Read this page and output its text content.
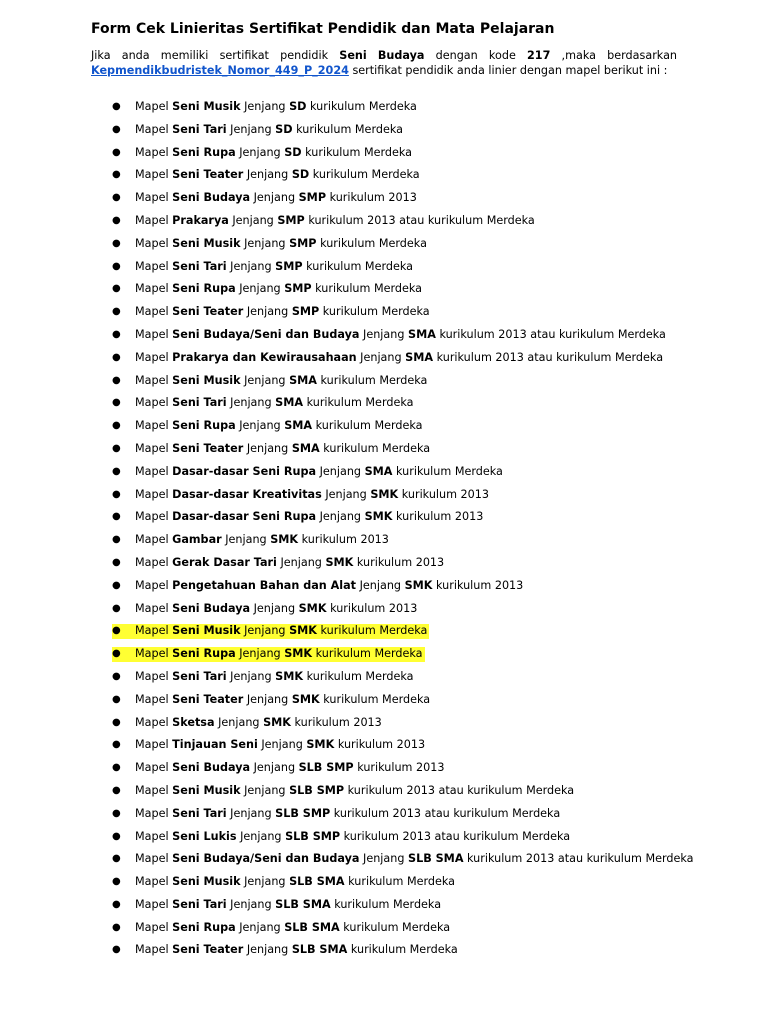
Form Cek Linieritas Sertifikat Pendidik dan Mata Pelajaran

Jika anda memiliki sertifikat pendidik Seni Budaya dengan kode 217 ,maka berdasarkan Kepmendikbudristek_Nomor_449_P_2024 sertifikat pendidik anda linier dengan mapel berikut ini :

● Mapel Seni Musik Jenjang SD kurikulum Merdeka
● Mapel Seni Tari Jenjang SD kurikulum Merdeka
● Mapel Seni Rupa Jenjang SD kurikulum Merdeka
● Mapel Seni Teater Jenjang SD kurikulum Merdeka
● Mapel Seni Budaya Jenjang SMP kurikulum 2013
● Mapel Prakarya Jenjang SMP kurikulum 2013 atau kurikulum Merdeka
● Mapel Seni Musik Jenjang SMP kurikulum Merdeka
● Mapel Seni Tari Jenjang SMP kurikulum Merdeka
● Mapel Seni Rupa Jenjang SMP kurikulum Merdeka
● Mapel Seni Teater Jenjang SMP kurikulum Merdeka
● Mapel Seni Budaya/Seni dan Budaya Jenjang SMA kurikulum 2013 atau kurikulum Merdeka
● Mapel Prakarya dan Kewirausahaan Jenjang SMA kurikulum 2013 atau kurikulum Merdeka
● Mapel Seni Musik Jenjang SMA kurikulum Merdeka
● Mapel Seni Tari Jenjang SMA kurikulum Merdeka
● Mapel Seni Rupa Jenjang SMA kurikulum Merdeka
● Mapel Seni Teater Jenjang SMA kurikulum Merdeka
● Mapel Dasar-dasar Seni Rupa Jenjang SMA kurikulum Merdeka
● Mapel Dasar-dasar Kreativitas Jenjang SMK kurikulum 2013
● Mapel Dasar-dasar Seni Rupa Jenjang SMK kurikulum 2013
● Mapel Gambar Jenjang SMK kurikulum 2013
● Mapel Gerak Dasar Tari Jenjang SMK kurikulum 2013
● Mapel Pengetahuan Bahan dan Alat Jenjang SMK kurikulum 2013
● Mapel Seni Budaya Jenjang SMK kurikulum 2013
● Mapel Seni Musik Jenjang SMK kurikulum Merdeka
● Mapel Seni Rupa Jenjang SMK kurikulum Merdeka
● Mapel Seni Tari Jenjang SMK kurikulum Merdeka
● Mapel Seni Teater Jenjang SMK kurikulum Merdeka
● Mapel Sketsa Jenjang SMK kurikulum 2013
● Mapel Tinjauan Seni Jenjang SMK kurikulum 2013
● Mapel Seni Budaya Jenjang SLB SMP kurikulum 2013
● Mapel Seni Musik Jenjang SLB SMP kurikulum 2013 atau kurikulum Merdeka
● Mapel Seni Tari Jenjang SLB SMP kurikulum 2013 atau kurikulum Merdeka
● Mapel Seni Lukis Jenjang SLB SMP kurikulum 2013 atau kurikulum Merdeka
● Mapel Seni Budaya/Seni dan Budaya Jenjang SLB SMA kurikulum 2013 atau kurikulum Merdeka
● Mapel Seni Musik Jenjang SLB SMA kurikulum Merdeka
● Mapel Seni Tari Jenjang SLB SMA kurikulum Merdeka
● Mapel Seni Rupa Jenjang SLB SMA kurikulum Merdeka
● Mapel Seni Teater Jenjang SLB SMA kurikulum Merdeka
